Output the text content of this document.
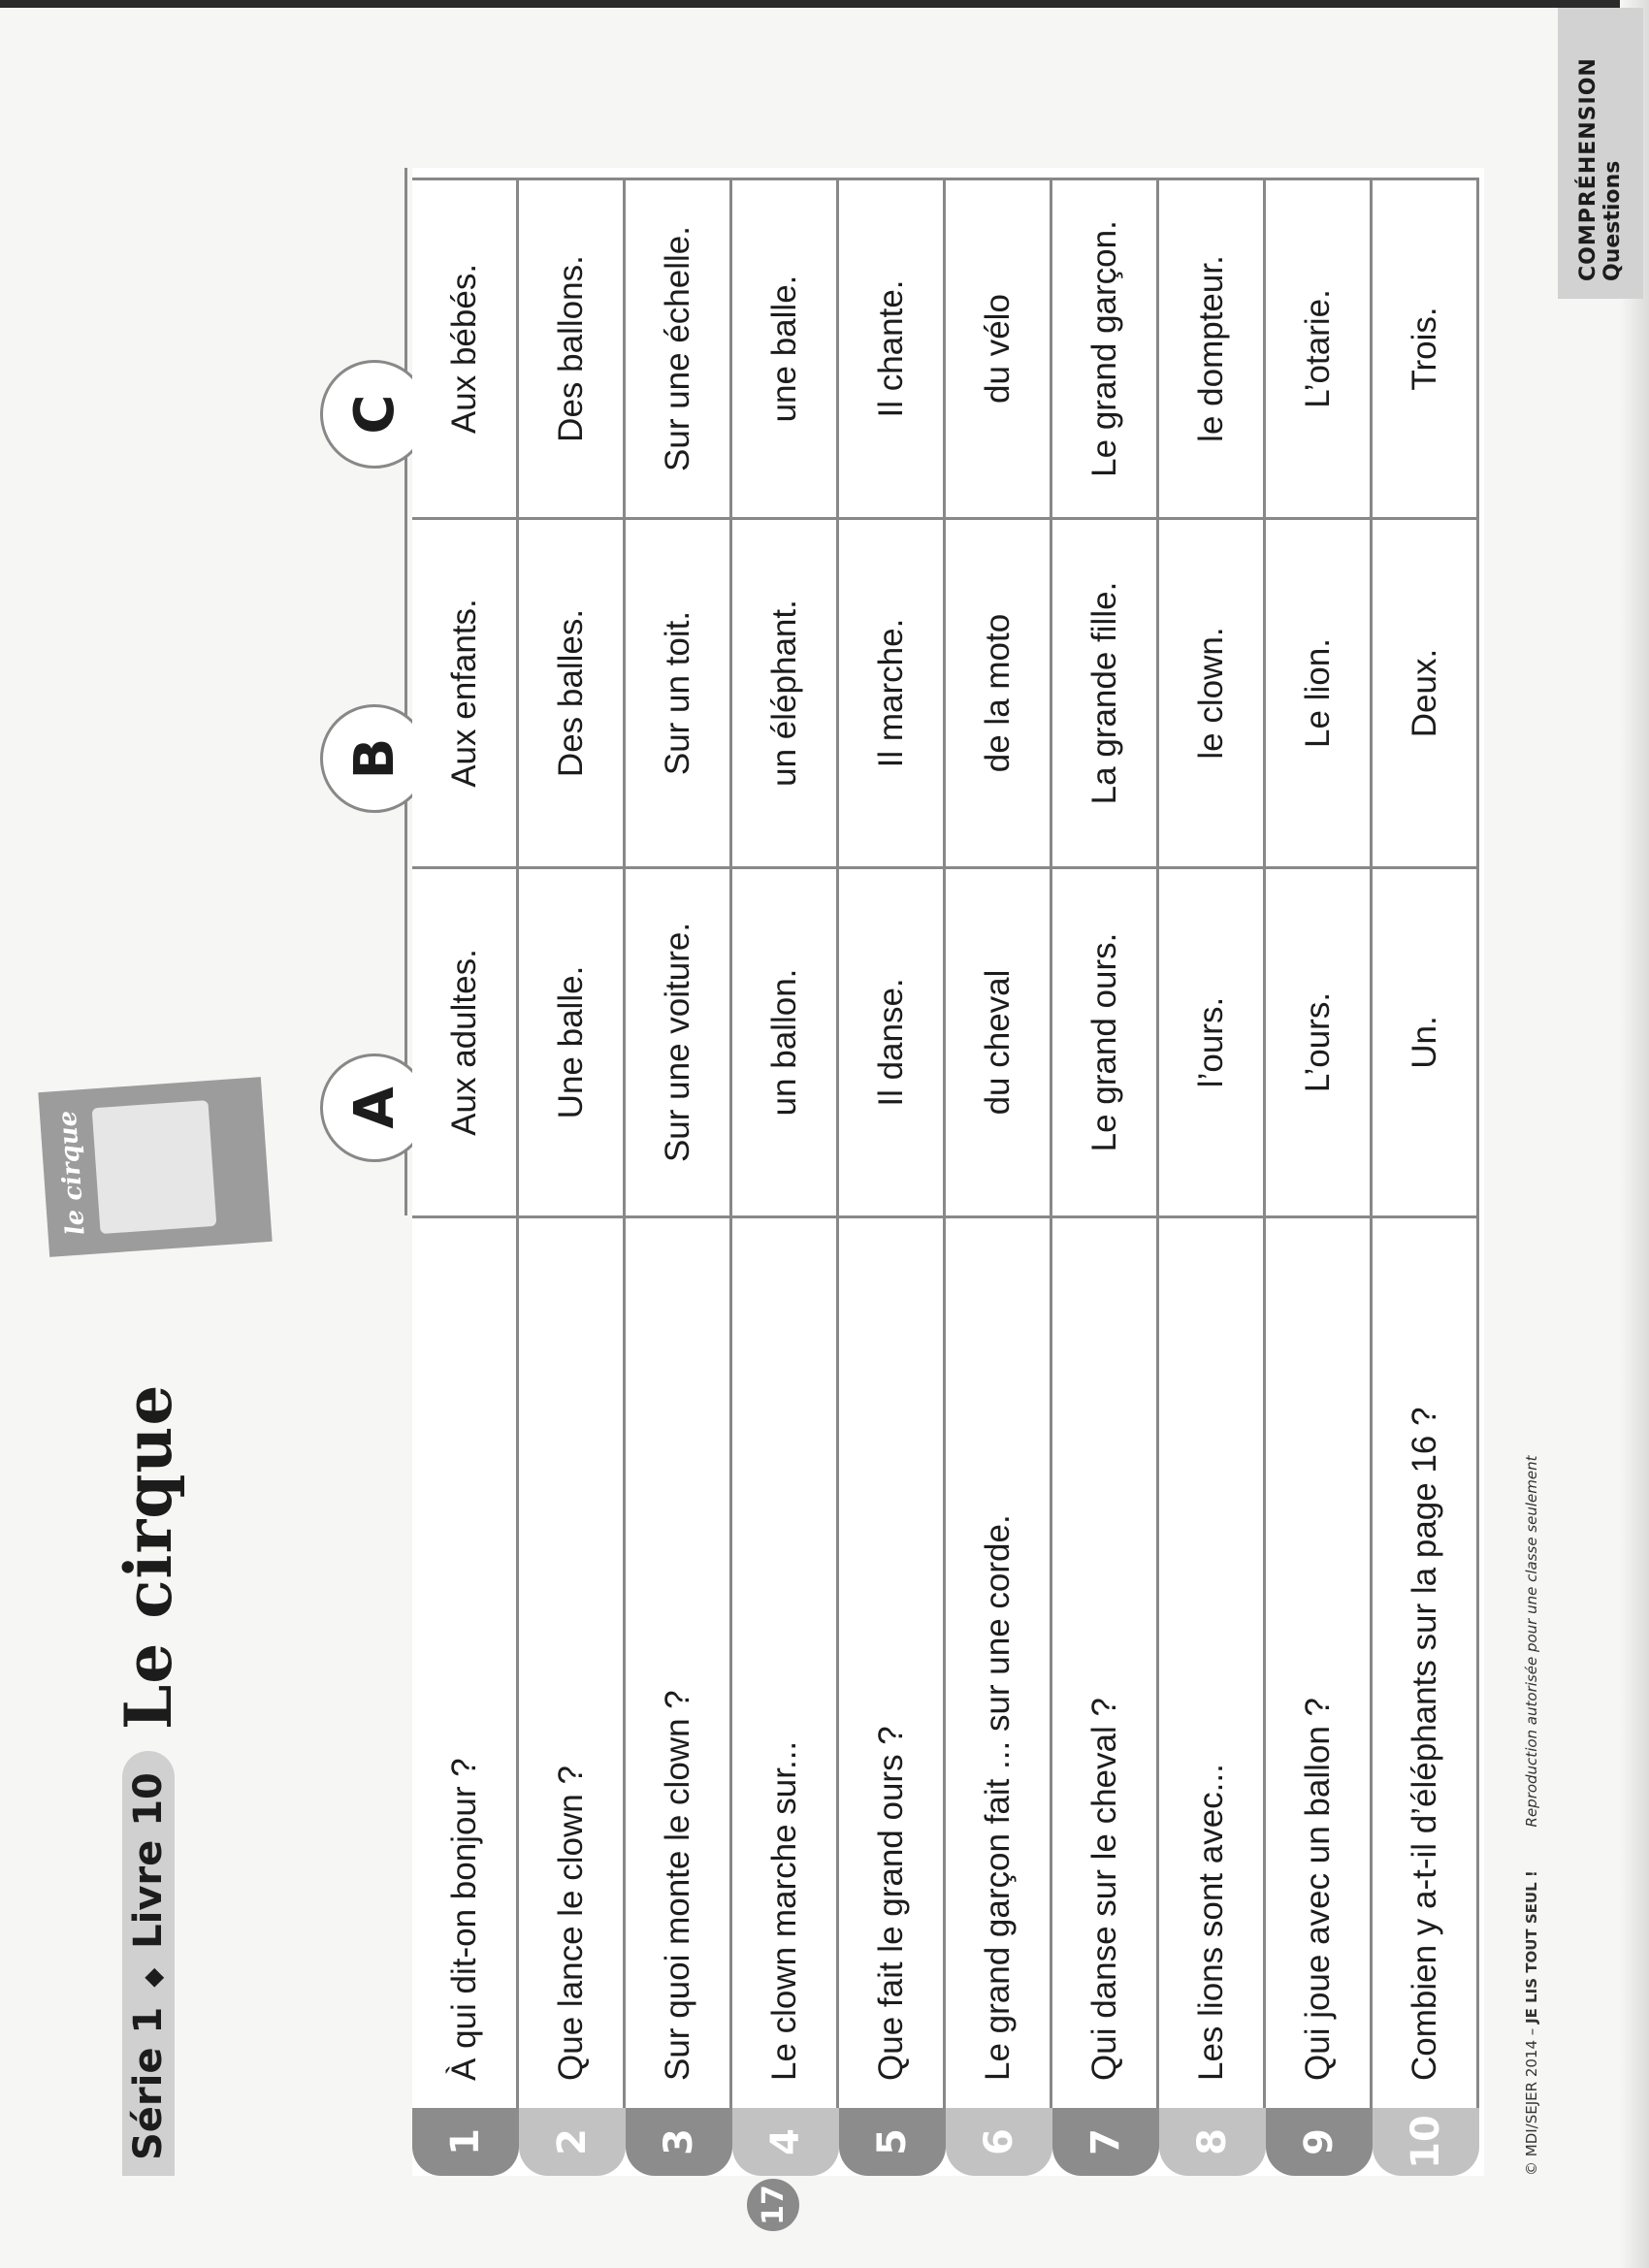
COMPRÉHENSION Questions
17
Série 1 ◆ Livre 10
Le cirque
le cirque
A
B
C
1
À qui dit-on bonjour ?
Aux adultes.
Aux enfants.
Aux bébés.
2
Que lance le clown ?
Une balle.
Des balles.
Des ballons.
3
Sur quoi monte le clown ?
Sur une voiture.
Sur un toit.
Sur une échelle.
4
Le clown marche sur...
un ballon.
un éléphant.
une balle.
5
Que fait le grand ours ?
Il danse.
Il marche.
Il chante.
6
Le grand garçon fait ... sur une corde.
du cheval
de la moto
du vélo
7
Qui danse sur le cheval ?
Le grand ours.
La grande fille.
Le grand garçon.
8
Les lions sont avec...
l’ours.
le clown.
le dompteur.
9
Qui joue avec un ballon ?
L’ours.
Le lion.
L’otarie.
10
Combien y a-t-il d’éléphants sur la page 16 ?
Un.
Deux.
Trois.
© MDI/SEJER 2014 – JE LIS TOUT SEUL ! Reproduction autorisée pour une classe seulement
